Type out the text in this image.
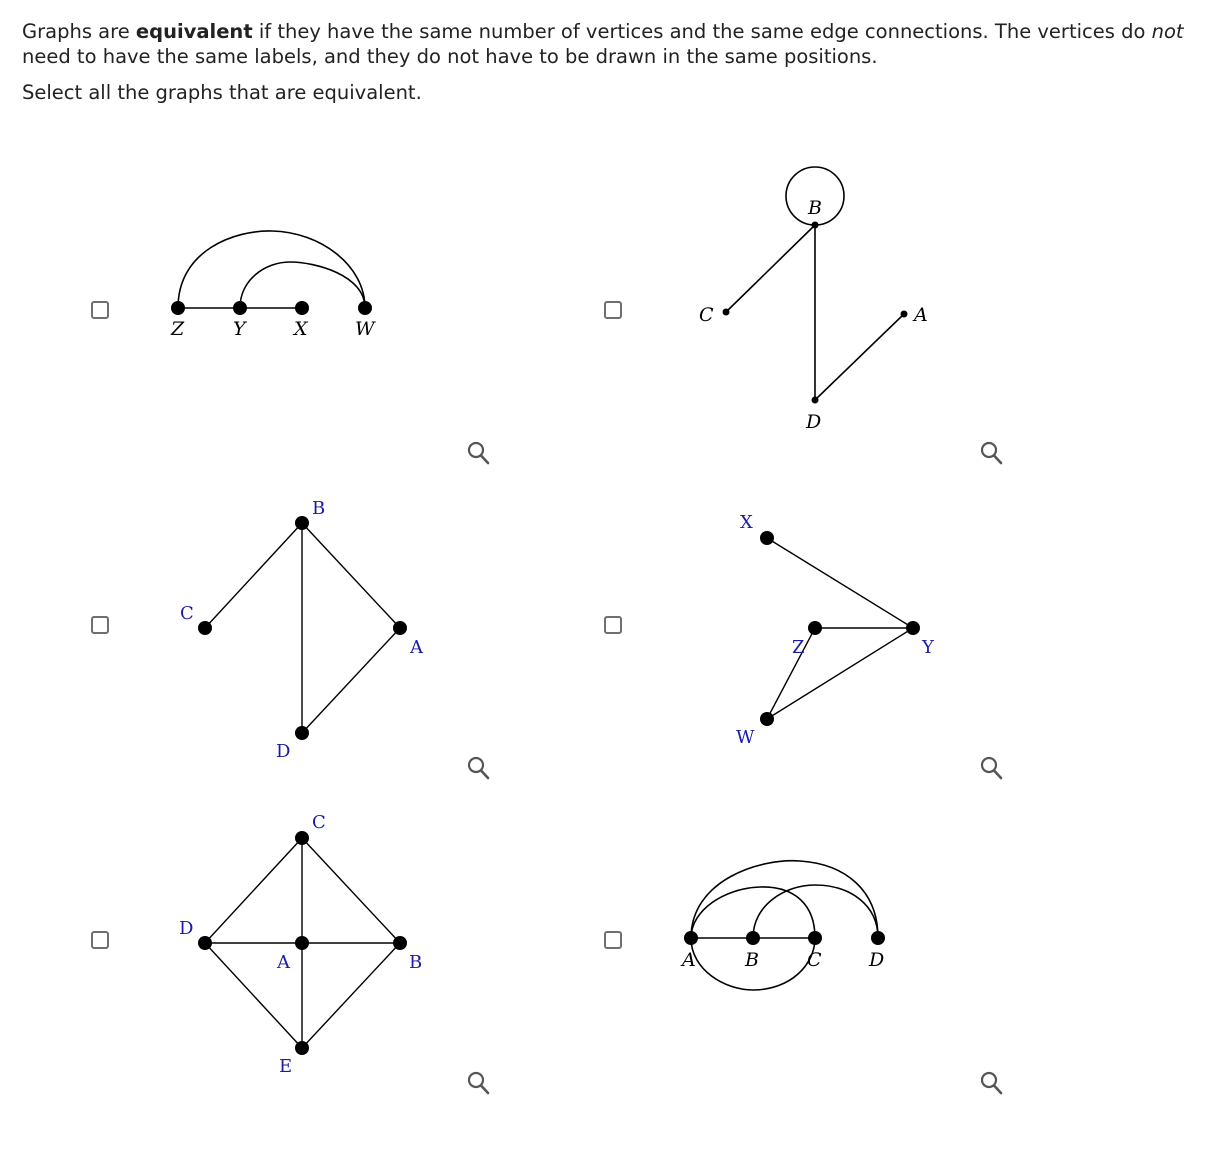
Graphs are equivalent if they have the same number of vertices and the same edge connections. The vertices do not need to have the same labels, and they do not have to be drawn in the same positions.

Select all the graphs that are equivalent.

Z	Y	X W
B
C	A
D
B
C
A
D
X
Z	Y
W
C
D
A	B
E
A	B	C D
